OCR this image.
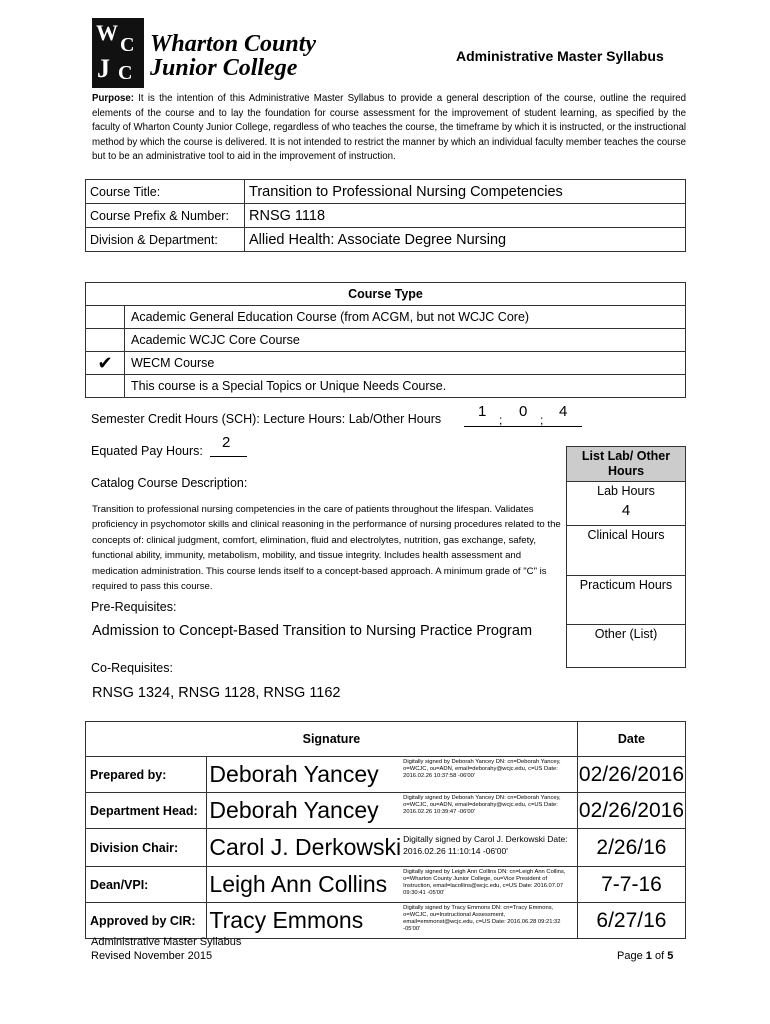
W C
J C
Wharton County
Junior College	Administrative Master Syllabus
Purpose: It is the intention of this Administrative Master Syllabus to provide a general description of the course, outline the required elements of the course and to lay the foundation for course assessment for the improvement of student learning, as specified by the faculty of Wharton County Junior College, regardless of who teaches the course, the timeframe by which it is instructed, or the instructional method by which the course is delivered. It is not intended to restrict the manner by which an individual faculty member teaches the course but to be an administrative tool to aid in the improvement of instruction.
Course Title:	Transition to Professional Nursing Competencies
Course Prefix & Number:	RNSG 1118
Division & Department:	Allied Health: Associate Degree Nursing
Course Type	
	Academic General Education Course (from ACGM, but not WCJC Core)
	Academic WCJC Core Course
✔	WECM Course
	This course is a Special Topics or Unique Needs Course.
Semester Credit Hours (SCH): Lecture Hours: Lab/Other Hours 1 ; 0 ; 4
Equated Pay Hours: 2
List Lab/ Other Hours
Lab Hours
4
Clinical Hours
Practicum Hours
Other (List)
Catalog Course Description:
Transition to professional nursing competencies in the care of patients throughout the lifespan. Validates proficiency in psychomotor skills and clinical reasoning in the performance of nursing procedures related to the concepts of: clinical judgment, comfort, elimination, fluid and electrolytes, nutrition, gas exchange, safety, functional ability, immunity, metabolism, mobility, and tissue integrity. Includes health assessment and medication administration. This course lends itself to a concept-based approach. A minimum grade of "C" is required to pass this course.
Pre-Requisites:
Admission to Concept-Based Transition to Nursing Practice Program
Co-Requisites:
RNSG 1324, RNSG 1128, RNSG 1162
Signature			Date
Prepared by:	Deborah Yancey	Digitally signed by Deborah Yancey DN: cn=Deborah Yancey, o=WCJC, ou=ADN, email=deborahy@wcjc.edu, c=US Date: 2016.02.26 10:37:58 -06'00'	02/26/2016
Department Head:	Deborah Yancey	Digitally signed by Deborah Yancey DN: cn=Deborah Yancey, o=WCJC, ou=ADN, email=deborahy@wcjc.edu, c=US Date: 2016.02.26 10:39:47 -06'00'	02/26/2016
Division Chair:	Carol J. Derkowski	Digitally signed by Carol J. Derkowski Date: 2016.02.26 11:10:14 -06'00'	2/26/16
Dean/VPI:	Leigh Ann Collins	Digitally signed by Leigh Ann Collins DN: cn=Leigh Ann Collins, o=Wharton County Junior College, ou=Vice President of Instruction, email=lacollins@wcjc.edu, c=US Date: 2016.07.07 09:30:41 -05'00'	7-7-16
Approved by CIR:	Tracy Emmons	Digitally signed by Tracy Emmons DN: cn=Tracy Emmons, o=WCJC, ou=Instructional Assessment, email=emmonst@wcjc.edu, c=US Date: 2016.06.28 09:21:32 -05'00'	6/27/16
Administrative Master Syllabus
Revised November 2015	Page 1 of 5
